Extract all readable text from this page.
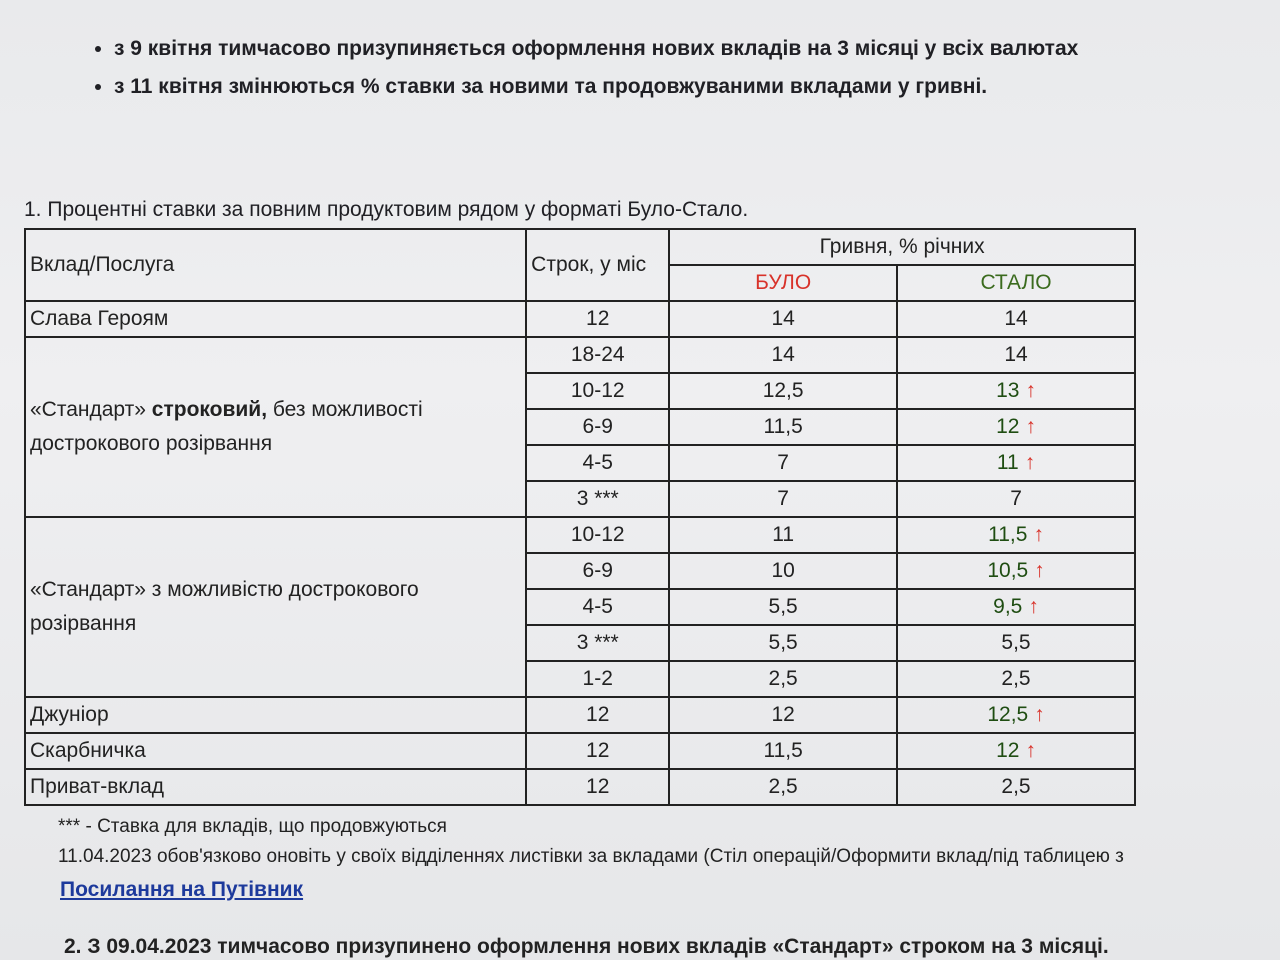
• з 9 квітня тимчасово призупиняється оформлення нових вкладів на 3 місяці у всіх валютах
• з 11 квітня змінюються % ставки за новими та продовжуваними вкладами у гривні.
1. Процентні ставки за повним продуктовим рядом у форматі Було-Стало.
Вклад/Послуга	Строк, у міс	Гривня, % річних	
		БУЛО	СТАЛО
Слава Героям	12	14	14
«Стандарт» строковий, без можливості дострокового розірвання	18-24	14	14
	10-12	12,5	13 ↑
	6-9	11,5	12 ↑
	4-5	7	11 ↑
	3 ***	7	7
«Стандарт» з можливістю дострокового розірвання	10-12	11	11,5 ↑
	6-9	10	10,5 ↑
	4-5	5,5	9,5 ↑
	3 ***	5,5	5,5
	1-2	2,5	2,5
Джуніор	12	12	12,5 ↑
Скарбничка	12	11,5	12 ↑
Приват-вклад	12	2,5	2,5
*** - Ставка для вкладів, що продовжуються
11.04.2023 обов'язково оновіть у своїх відділеннях листівки за вкладами (Стіл операцій/Оформити вклад/під таблицею з
Посилання на Путівник
2. З 09.04.2023 тимчасово призупинено оформлення нових вкладів «Стандарт» строком на 3 місяці.
